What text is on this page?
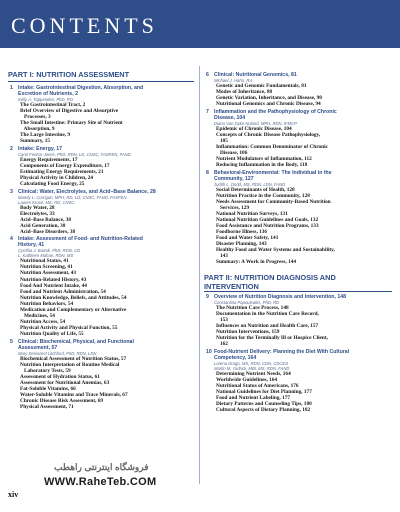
CONTENTS
PART I: NUTRITION ASSESSMENT
1 Intake: Gastrointestinal Digestion, Absorption, and
Excretion of Nutrients, 2
Kelly A. Tappenden, PhD, RD
The Gastrointestinal Tract, 2
Brief Overview of Digestive and Absorptive
Processes, 3
The Small Intestine: Primary Site of Nutrient
Absorption, 9
The Large Intestine, 9
Summary, 15
2 Intake: Energy, 17
Carol Fenton-Jones, PhD, RDN, LD, CNSC, FASPEN, FAND
Energy Requirements, 17
Components of Energy Expenditure, 17
Estimating Energy Requirements, 21
Physical Activity in Children, 24
Calculating Food Energy, 25
3 Clinical: Water, Electrolytes, and Acid–Base Balance, 28
Mandy L. Corrigan, MPH, RD, LD, CNSC, FAND, FASPEN
Lauren Kruse, MS, RD, CNSC
Body Water, 28
Electrolytes, 33
Acid–Base Balance, 38
Acid Generation, 38
Acid–Base Disorders, 38
4 Intake: Assessment of Food- and Nutrition-Related
History, 41
Cynthia J. Bartok, PhD, RDN, CD
L. Kathleen Mahan, RDN, MS
Nutritional Status, 41
Nutrition Screening, 41
Nutrition Assessment, 43
Nutrition-Related History, 43
Food And Nutrient Intake, 44
Food and Nutrient Administration, 54
Nutrition Knowledge, Beliefs, and Attitudes, 54
Nutrition Behaviors, 54
Medication and Complementary or Alternative
Medicines, 54
Nutrition Access, 54
Physical Activity and Physical Function, 55
Nutrition Quality of Life, 55
5 Clinical: Biochemical, Physical, and Functional
Assessment, 57
Mary Demarest Litchford, PhD, RDN, LDN
Biochemical Assessment of Nutrition Status, 57
Nutrition Interpretation of Routine Medical
Laboratory Tests, 59
Assessment of Hydration Status, 61
Assessment for Nutritional Anemias, 63
Fat-Soluble Vitamins, 66
Water-Soluble Vitamins and Trace Minerals, 67
Chronic Disease Risk Assessment, 69
Physical Assessment, 71
6 Clinical: Nutritional Genomics, 81
Michael J. Hahn, RA
Genetic and Genomic Fundamentals, 81
Modes of Inheritance, 88
Genetic Variation, Inheritance, and Disease, 90
Nutritional Genomics and Chronic Disease, 94
7 Inflammation and the Pathophysiology of Chronic
Disease, 104
Diana Van Dyke Noland, MPH, RDN, IFMCP
Epidemic of Chronic Disease, 104
Concepts of Chronic Disease Pathophysiology,
105
Inflammation: Common Denominator of Chronic
Disease, 106
Nutrient Modulators of Inflammation, 112
Reducing Inflammation in the Body, 118
8 Behavioral-Environmental: The Individual in the
Community, 127
Judith L. Dodd, MS, RDN, LDN, FAND
Social Determinants of Health, 128
Nutrition Practice in the Community, 128
Needs Assessment for Community-Based Nutrition
Services, 129
National Nutrition Surveys, 131
National Nutrition Guidelines and Goals, 132
Food Assistance and Nutrition Programs, 133
Foodborne Illness, 136
Food and Water Safety, 141
Disaster Planning, 143
Healthy Food and Water Systems and Sustainability,
143
Summary: A Work in Progress, 144
PART II: NUTRITION DIAGNOSIS AND
INTERVENTION
9 Overview of Nutrition Diagnosis and Intervention, 148
Constantina Papoutsakis, PhD, RD
The Nutrition Care Process, 148
Documentation in the Nutrition Care Record,
153
Influences on Nutrition and Health Care, 157
Nutrition Interventions, 159
Nutrition for the Terminally Ill or Hospice Client,
162
10 Food-Nutrient Delivery: Planning the Diet With Cultural
Competency, 164
Lorena Drago, MS, RDN, CDN, CDCES
Martin M. Yadrick, MBI, MS, RDN, FAND
Determining Nutrient Needs, 164
Worldwide Guidelines, 164
Nutritional Status of Americans, 176
National Guidelines for Diet Planning, 177
Food and Nutrient Labeling, 177
Dietary Patterns and Counseling Tips, 180
Cultural Aspects of Dietary Planning, 182
فروشگاه اینترنتی راهطب
WWW.RaheTeb.COM
xiv
